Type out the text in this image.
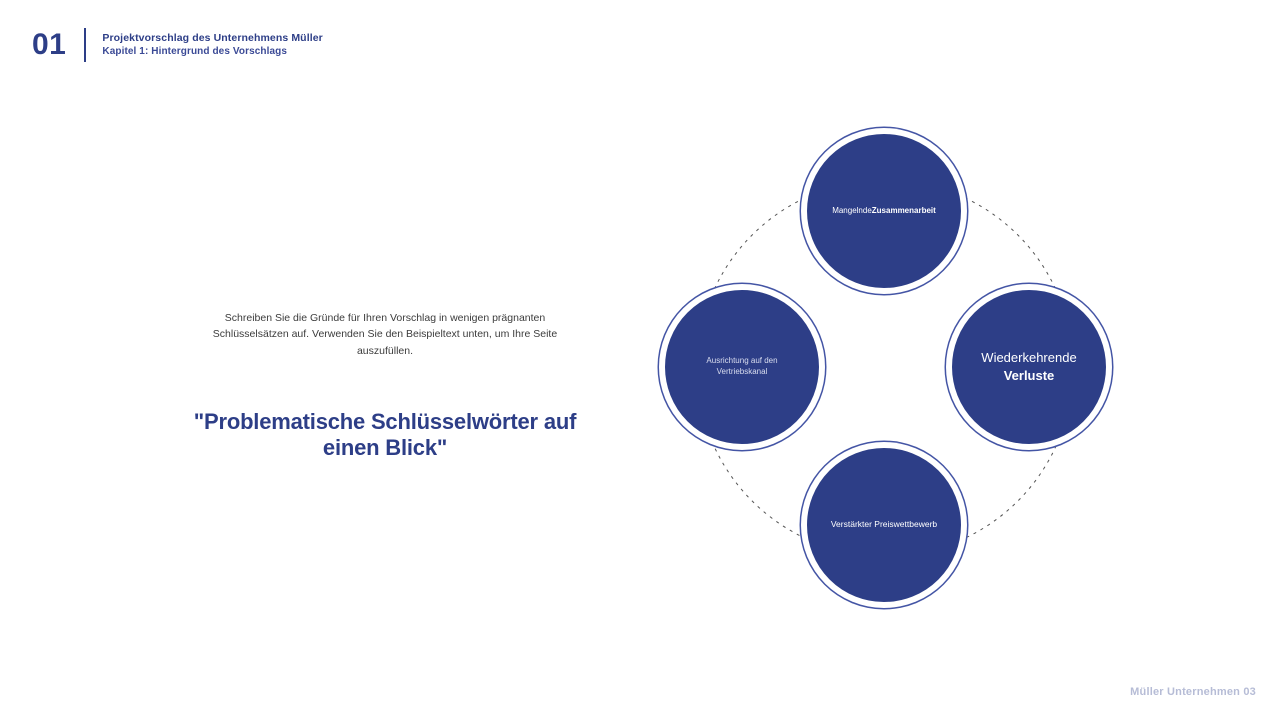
01	Projektvorschlag des Unternehmens Müller
Kapitel 1: Hintergrund des Vorschlags

Schreiben Sie die Gründe für Ihren Vorschlag in wenigen prägnanten Schlüsselsätzen auf. Verwenden Sie den Beispieltext unten, um Ihre Seite auszufüllen.

"Problematische Schlüsselwörter auf einen Blick"
MangelndeZusammenarbeit
Wiederkehrende Verluste
Verstärkter Preiswettbewerb
Ausrichtung auf den Vertriebskanal
Müller Unternehmen 03
